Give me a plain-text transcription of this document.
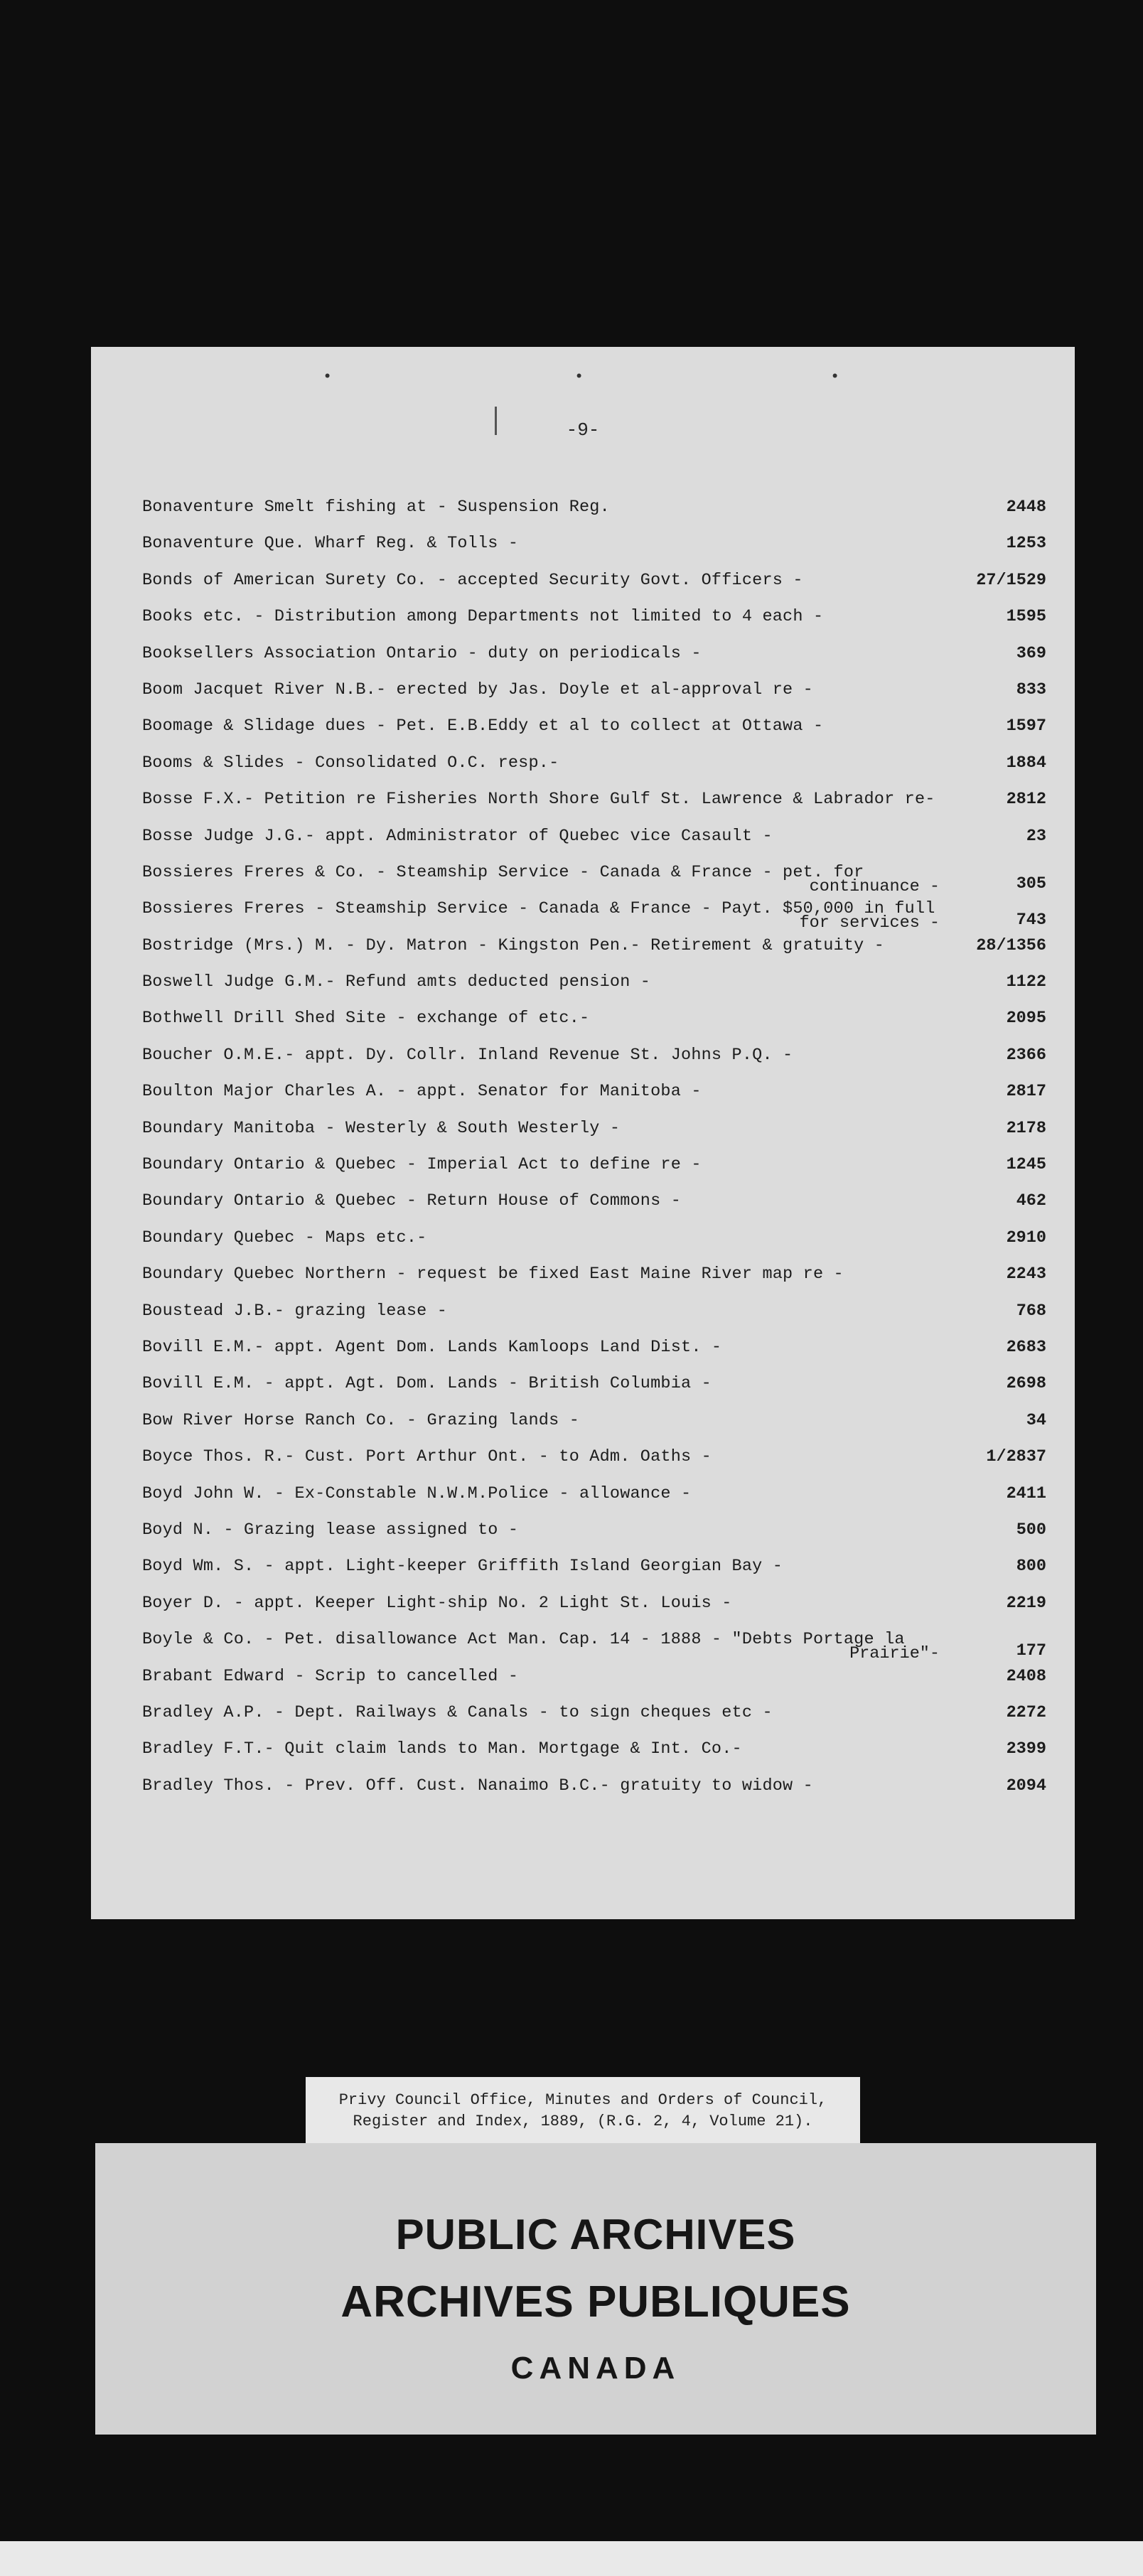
•	•	•
-9-
Bonaventure Smelt fishing at - Suspension Reg.	2448
Bonaventure Que. Wharf Reg. & Tolls -	1253
Bonds of American Surety Co. - accepted Security Govt. Officers -	27/1529
Books etc. - Distribution among Departments not limited to 4 each -	1595
Booksellers Association Ontario - duty on periodicals -	369
Boom Jacquet River N.B.- erected by Jas. Doyle et al-approval re -	833
Boomage & Slidage dues - Pet. E.B.Eddy et al to collect at Ottawa -	1597
Booms & Slides - Consolidated O.C. resp.-	1884
Bosse F.X.- Petition re Fisheries North Shore Gulf St. Lawrence & Labrador re-	2812
Bosse Judge J.G.- appt. Administrator of Quebec vice Casault -	23
Bossieres Freres & Co. - Steamship Service - Canada & France - pet. for
continuance -	305
Bossieres Freres - Steamship Service - Canada & France - Payt. $50,000 in full
for services -	743
Bostridge (Mrs.) M. - Dy. Matron - Kingston Pen.- Retirement & gratuity -	28/1356
Boswell Judge G.M.- Refund amts deducted pension -	1122
Bothwell Drill Shed Site - exchange of etc.-	2095
Boucher O.M.E.- appt. Dy. Collr. Inland Revenue St. Johns P.Q. -	2366
Boulton Major Charles A. - appt. Senator for Manitoba -	2817
Boundary Manitoba - Westerly & South Westerly -	2178
Boundary Ontario & Quebec - Imperial Act to define re -	1245
Boundary Ontario & Quebec - Return House of Commons -	462
Boundary Quebec - Maps etc.-	2910
Boundary Quebec Northern - request be fixed East Maine River map re -	2243
Boustead J.B.- grazing lease -	768
Bovill E.M.- appt. Agent Dom. Lands Kamloops Land Dist. -	2683
Bovill E.M. - appt. Agt. Dom. Lands - British Columbia -	2698
Bow River Horse Ranch Co. - Grazing lands -	34
Boyce Thos. R.- Cust. Port Arthur Ont. - to Adm. Oaths -	1/2837
Boyd John W. - Ex-Constable N.W.M.Police - allowance -	2411
Boyd N. - Grazing lease assigned to -	500
Boyd Wm. S. - appt. Light-keeper Griffith Island Georgian Bay -	800
Boyer D. - appt. Keeper Light-ship No. 2 Light St. Louis -	2219
Boyle & Co. - Pet. disallowance Act Man. Cap. 14 - 1888 - "Debts Portage la
Prairie"-	177
Brabant Edward - Scrip to cancelled -	2408
Bradley A.P. - Dept. Railways & Canals - to sign cheques etc -	2272
Bradley F.T.- Quit claim lands to Man. Mortgage & Int. Co.-	2399
Bradley Thos. - Prev. Off. Cust. Nanaimo B.C.- gratuity to widow -	2094
Privy Council Office, Minutes and Orders of Council,
Register and Index, 1889, (R.G. 2, 4, Volume 21).
PUBLIC ARCHIVES
ARCHIVES PUBLIQUES
CANADA
